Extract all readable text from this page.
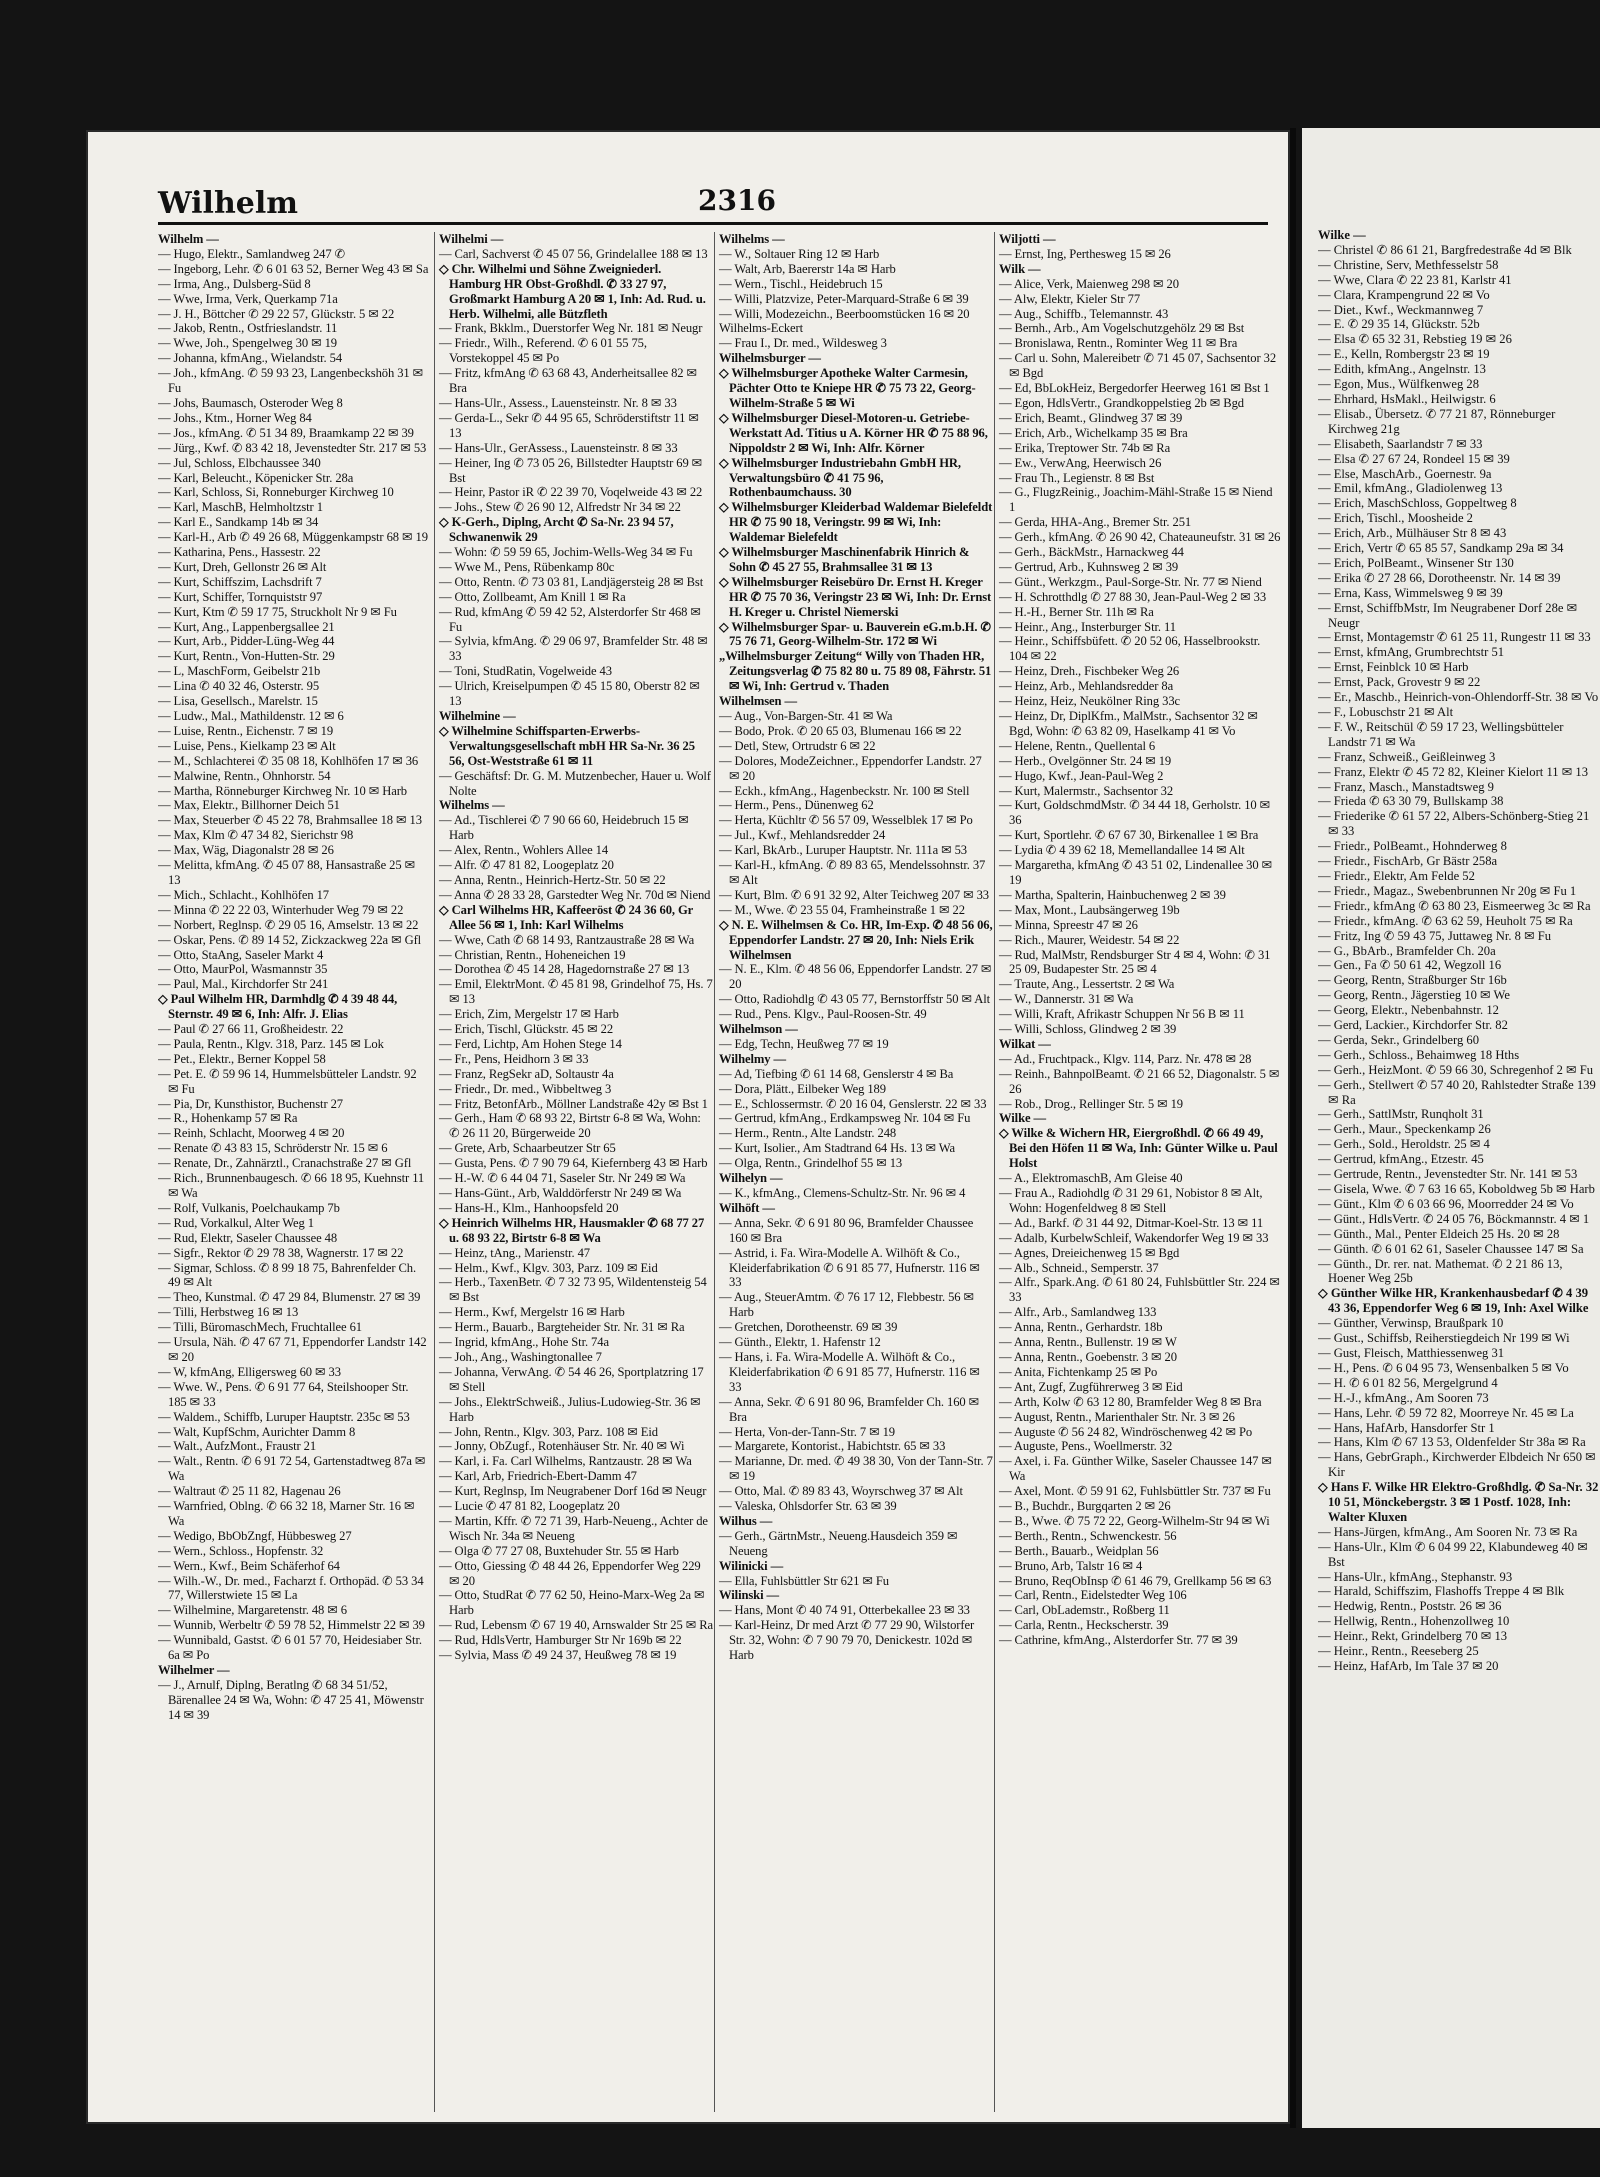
Wilhelm	2316
Wilhelm —
— Hugo, Elektr., Samlandweg 247 ✆
— Ingeborg, Lehr. ✆ 6 01 63 52, Berner Weg 43 ✉ Sa
— Irma, Ang., Dulsberg-Süd 8
— Wwe, Irma, Verk, Querkamp 71a
— J. H., Böttcher ✆ 29 22 57, Glückstr. 5 ✉ 22
— Jakob, Rentn., Ostfrieslandstr. 11
— Wwe, Joh., Spengelweg 30 ✉ 19
— Johanna, kfmAng., Wielandstr. 54
— Joh., kfmAng. ✆ 59 93 23, Langenbeckshöh 31 ✉ Fu
— Johs, Baumasch, Osteroder Weg 8
— Johs., Ktm., Horner Weg 84
— Jos., kfmAng. ✆ 51 34 89, Braamkamp 22 ✉ 39
— Jürg., Kwf. ✆ 83 42 18, Jevenstedter Str. 217 ✉ 53
— Jul, Schloss, Elbchaussee 340
— Karl, Beleucht., Köpenicker Str. 28a
— Karl, Schloss, Si, Ronneburger Kirchweg 10
— Karl, MaschB, Helmholtzstr 1
— Karl E., Sandkamp 14b ✉ 34
— Karl-H., Arb ✆ 49 26 68, Müggenkampstr 68 ✉ 19
— Katharina, Pens., Hassestr. 22
— Kurt, Dreh, Gellonstr 26 ✉ Alt
— Kurt, Schiffszim, Lachsdrift 7
— Kurt, Schiffer, Tornquiststr 97
— Kurt, Ktm ✆ 59 17 75, Struckholt Nr 9 ✉ Fu
— Kurt, Ang., Lappenbergsallee 21
— Kurt, Arb., Pidder-Lüng-Weg 44
— Kurt, Rentn., Von-Hutten-Str. 29
— L, MaschForm, Geibelstr 21b
— Lina ✆ 40 32 46, Osterstr. 95
— Lisa, Gesellsch., Marelstr. 15
— Ludw., Mal., Mathildenstr. 12 ✉ 6
— Luise, Rentn., Eichenstr. 7 ✉ 19
— Luise, Pens., Kielkamp 23 ✉ Alt
— M., Schlachterei ✆ 35 08 18, Kohlhöfen 17 ✉ 36
— Malwine, Rentn., Ohnhorstr. 54
— Martha, Rönneburger Kirchweg Nr. 10 ✉ Harb
— Max, Elektr., Billhorner Deich 51
— Max, Steuerber ✆ 45 22 78, Brahmsallee 18 ✉ 13
— Max, Klm ✆ 47 34 82, Sierichstr 98
— Max, Wäg, Diagonalstr 28 ✉ 26
— Melitta, kfmAng. ✆ 45 07 88, Hansastraße 25 ✉ 13
— Mich., Schlacht., Kohlhöfen 17
— Minna ✆ 22 22 03, Winterhuder Weg 79 ✉ 22
— Norbert, Reglnsp. ✆ 29 05 16, Amselstr. 13 ✉ 22
— Oskar, Pens. ✆ 89 14 52, Zickzackweg 22a ✉ Gfl
— Otto, StaAng, Saseler Markt 4
— Otto, MaurPol, Wasmannstr 35
— Paul, Mal., Kirchdorfer Str 241
◇ Paul Wilhelm HR, Darmhdlg ✆ 4 39 48 44, Sternstr. 49 ✉ 6, Inh: Alfr. J. Elias
— Paul ✆ 27 66 11, Großheidestr. 22
— Paula, Rentn., Klgv. 318, Parz. 145 ✉ Lok
— Pet., Elektr., Berner Koppel 58
— Pet. E. ✆ 59 96 14, Hummelsbütteler Landstr. 92 ✉ Fu
— Pia, Dr, Kunsthistor, Buchenstr 27
— R., Hohenkamp 57 ✉ Ra
— Reinh, Schlacht, Moorweg 4 ✉ 20
— Renate ✆ 43 83 15, Schröderstr Nr. 15 ✉ 6
— Renate, Dr., Zahnärztl., Cranachstraße 27 ✉ Gfl
— Rich., Brunnenbaugesch. ✆ 66 18 95, Kuehnstr 11 ✉ Wa
— Rolf, Vulkanis, Poelchaukamp 7b
— Rud, Vorkalkul, Alter Weg 1
— Rud, Elektr, Saseler Chaussee 48
— Sigfr., Rektor ✆ 29 78 38, Wagnerstr. 17 ✉ 22
— Sigmar, Schloss. ✆ 8 99 18 75, Bahrenfelder Ch. 49 ✉ Alt
— Theo, Kunstmal. ✆ 47 29 84, Blumenstr. 27 ✉ 39
— Tilli, Herbstweg 16 ✉ 13
— Tilli, BüromaschMech, Fruchtallee 61
— Ursula, Näh. ✆ 47 67 71, Eppendorfer Landstr 142 ✉ 20
— W, kfmAng, Elligersweg 60 ✉ 33
— Wwe. W., Pens. ✆ 6 91 77 64, Steilshooper Str. 185 ✉ 33
— Waldem., Schiffb, Luruper Hauptstr. 235c ✉ 53
— Walt, KupfSchm, Aurichter Damm 8
— Walt., AufzMont., Fraustr 21
— Walt., Rentn. ✆ 6 91 72 54, Gartenstadtweg 87a ✉ Wa
— Waltraut ✆ 25 11 82, Hagenau 26
— Warnfried, Oblng. ✆ 66 32 18, Marner Str. 16 ✉ Wa
— Wedigo, BbObZngf, Hübbesweg 27
— Wern., Schloss., Hopfenstr. 32
— Wern., Kwf., Beim Schäferhof 64
— Wilh.-W., Dr. med., Facharzt f. Orthopäd. ✆ 53 34 77, Willerstwiete 15 ✉ La
— Wilhelmine, Margaretenstr. 48 ✉ 6
— Wunnib, Werbeltr ✆ 59 78 52, Himmelstr 22 ✉ 39
— Wunnibald, Gastst. ✆ 6 01 57 70, Heidesiaber Str. 6a ✉ Po
Wilhelmer —
— J., Arnulf, Diplng, Beratlng ✆ 68 34 51/52, Bärenallee 24 ✉ Wa, Wohn: ✆ 47 25 41, Möwenstr 14 ✉ 39
Wilhelmi —
— Carl, Sachverst ✆ 45 07 56, Grindelallee 188 ✉ 13
◇ Chr. Wilhelmi und Söhne Zweigniederl. Hamburg HR Obst-Großhdl. ✆ 33 27 97, Großmarkt Hamburg A 20 ✉ 1, Inh: Ad. Rud. u. Herb. Wilhelmi, alle Bützfleth
— Frank, Bkklm., Duerstorfer Weg Nr. 181 ✉ Neugr
— Friedr., Wilh., Referend. ✆ 6 01 55 75, Vorstekoppel 45 ✉ Po
— Fritz, kfmAng ✆ 63 68 43, Anderheitsallee 82 ✉ Bra
— Hans-Ulr., Assess., Lauensteinstr. Nr. 8 ✉ 33
— Gerda-L., Sekr ✆ 44 95 65, Schröderstiftstr 11 ✉ 13
— Hans-Ulr., GerAssess., Lauensteinstr. 8 ✉ 33
— Heiner, Ing ✆ 73 05 26, Billstedter Hauptstr 69 ✉ Bst
— Heinr, Pastor iR ✆ 22 39 70, Voqelweide 43 ✉ 22
— Johs., Stew ✆ 26 90 12, Alfredstr Nr 34 ✉ 22
◇ K-Gerh., Diplng, Archt ✆ Sa-Nr. 23 94 57, Schwanenwik 29
— Wohn: ✆ 59 59 65, Jochim-Wells-Weg 34 ✉ Fu
— Wwe M., Pens, Rübenkamp 80c
— Otto, Rentn. ✆ 73 03 81, Landjägersteig 28 ✉ Bst
— Otto, Zollbeamt, Am Knill 1 ✉ Ra
— Rud, kfmAng ✆ 59 42 52, Alsterdorfer Str 468 ✉ Fu
— Sylvia, kfmAng. ✆ 29 06 97, Bramfelder Str. 48 ✉ 33
— Toni, StudRatin, Vogelweide 43
— Ulrich, Kreiselpumpen ✆ 45 15 80, Oberstr 82 ✉ 13
Wilhelmine —
◇ Wilhelmine Schiffsparten-Erwerbs-Verwaltungsgesellschaft mbH HR Sa-Nr. 36 25 56, Ost-Weststraße 61 ✉ 11
— Geschäftsf: Dr. G. M. Mutzenbecher, Hauer u. Wolf Nolte
Wilhelms —
— Ad., Tischlerei ✆ 7 90 66 60, Heidebruch 15 ✉ Harb
— Alex, Rentn., Wohlers Allee 14
— Alfr. ✆ 47 81 82, Loogeplatz 20
— Anna, Rentn., Heinrich-Hertz-Str. 50 ✉ 22
— Anna ✆ 28 33 28, Garstedter Weg Nr. 70d ✉ Niend
◇ Carl Wilhelms HR, Kaffeeröst ✆ 24 36 60, Gr Allee 56 ✉ 1, Inh: Karl Wilhelms
— Wwe, Cath ✆ 68 14 93, Rantzaustraße 28 ✉ Wa
— Christian, Rentn., Hoheneichen 19
— Dorothea ✆ 45 14 28, Hagedornstraße 27 ✉ 13
— Emil, ElektrMont. ✆ 45 81 98, Grindelhof 75, Hs. 7 ✉ 13
— Erich, Zim, Mergelstr 17 ✉ Harb
— Erich, Tischl, Glückstr. 45 ✉ 22
— Ferd, Lichtp, Am Hohen Stege 14
— Fr., Pens, Heidhorn 3 ✉ 33
— Franz, RegSekr aD, Soltaustr 4a
— Friedr., Dr. med., Wibbeltweg 3
— Fritz, BetonfArb., Möllner Landstraße 42y ✉ Bst 1
— Gerh., Ham ✆ 68 93 22, Birtstr 6-8 ✉ Wa, Wohn: ✆ 26 11 20, Bürgerweide 20
— Grete, Arb, Schaarbeutzer Str 65
— Gusta, Pens. ✆ 7 90 79 64, Kiefernberg 43 ✉ Harb
— H.-W. ✆ 6 44 04 71, Saseler Str. Nr 249 ✉ Wa
— Hans-Günt., Arb, Walddörferstr Nr 249 ✉ Wa
— Hans-H., Klm., Hanhoopsfeld 20
◇ Heinrich Wilhelms HR, Hausmakler ✆ 68 77 27 u. 68 93 22, Birtstr 6-8 ✉ Wa
— Heinz, tAng., Marienstr. 47
— Helm., Kwf., Klgv. 303, Parz. 109 ✉ Eid
— Herb., TaxenBetr. ✆ 7 32 73 95, Wildentensteig 54 ✉ Bst
— Herm., Kwf, Mergelstr 16 ✉ Harb
— Herm., Bauarb., Bargteheider Str. Nr. 31 ✉ Ra
— Ingrid, kfmAng., Hohe Str. 74a
— Joh., Ang., Washingtonallee 7
— Johanna, VerwAng. ✆ 54 46 26, Sportplatzring 17 ✉ Stell
— Johs., ElektrSchweiß., Julius-Ludowieg-Str. 36 ✉ Harb
— John, Rentn., Klgv. 303, Parz. 108 ✉ Eid
— Jonny, ObZugf., Rotenhäuser Str. Nr. 40 ✉ Wi
— Karl, i. Fa. Carl Wilhelms, Rantzaustr. 28 ✉ Wa
— Karl, Arb, Friedrich-Ebert-Damm 47
— Kurt, Reglnsp, Im Neugrabener Dorf 16d ✉ Neugr
— Lucie ✆ 47 81 82, Loogeplatz 20
— Martin, Kffr. ✆ 72 71 39, Harb-Neueng., Achter de Wisch Nr. 34a ✉ Neueng
— Olga ✆ 77 27 08, Buxtehuder Str. 55 ✉ Harb
— Otto, Giessing ✆ 48 44 26, Eppendorfer Weg 229 ✉ 20
— Otto, StudRat ✆ 77 62 50, Heino-Marx-Weg 2a ✉ Harb
— Rud, Lebensm ✆ 67 19 40, Arnswalder Str 25 ✉ Ra
— Rud, HdlsVertr, Hamburger Str Nr 169b ✉ 22
— Sylvia, Mass ✆ 49 24 37, Heußweg 78 ✉ 19
Wilhelms —
— W., Soltauer Ring 12 ✉ Harb
— Walt, Arb, Baererstr 14a ✉ Harb
— Wern., Tischl., Heidebruch 15
— Willi, Platzvize, Peter-Marquard-Straße 6 ✉ 39
— Willi, Modezeichn., Beerboomstücken 16 ✉ 20
Wilhelms-Eckert
— Frau I., Dr. med., Wildesweg 3
Wilhelmsburger —
◇ Wilhelmsburger Apotheke Walter Carmesin, Pächter Otto te Kniepe HR ✆ 75 73 22, Georg-Wilhelm-Straße 5 ✉ Wi
◇ Wilhelmsburger Diesel-Motoren-u. Getriebe-Werkstatt Ad. Titius u A. Körner HR ✆ 75 88 96, Nippoldstr 2 ✉ Wi, Inh: Alfr. Körner
◇ Wilhelmsburger Industriebahn GmbH HR, Verwaltungsbüro ✆ 41 75 96, Rothenbaumchauss. 30
◇ Wilhelmsburger Kleiderbad Waldemar Bielefeldt HR ✆ 75 90 18, Veringstr. 99 ✉ Wi, Inh: Waldemar Bielefeldt
◇ Wilhelmsburger Maschinenfabrik Hinrich & Sohn ✆ 45 27 55, Brahmsallee 31 ✉ 13
◇ Wilhelmsburger Reisebüro Dr. Ernst H. Kreger HR ✆ 75 70 36, Veringstr 23 ✉ Wi, Inh: Dr. Ernst H. Kreger u. Christel Niemerski
◇ Wilhelmsburger Spar- u. Bauverein eG.m.b.H. ✆ 75 76 71, Georg-Wilhelm-Str. 172 ✉ Wi
„Wilhelmsburger Zeitung“ Willy von Thaden HR, Zeitungsverlag ✆ 75 82 80 u. 75 89 08, Fährstr. 51 ✉ Wi, Inh: Gertrud v. Thaden
Wilhelmsen —
— Aug., Von-Bargen-Str. 41 ✉ Wa
— Bodo, Prok. ✆ 20 65 03, Blumenau 166 ✉ 22
— Detl, Stew, Ortrudstr 6 ✉ 22
— Dolores, ModeZeichner., Eppendorfer Landstr. 27 ✉ 20
— Eckh., kfmAng., Hagenbeckstr. Nr. 100 ✉ Stell
— Herm., Pens., Dünenweg 62
— Herta, Küchltr ✆ 56 57 09, Wesselblek 17 ✉ Po
— Jul., Kwf., Mehlandsredder 24
— Karl, BkArb., Luruper Hauptstr. Nr. 111a ✉ 53
— Karl-H., kfmAng. ✆ 89 83 65, Mendelssohnstr. 37 ✉ Alt
— Kurt, Blm. ✆ 6 91 32 92, Alter Teichweg 207 ✉ 33
— M., Wwe. ✆ 23 55 04, Framheinstraße 1 ✉ 22
◇ N. E. Wilhelmsen & Co. HR, Im-Exp. ✆ 48 56 06, Eppendorfer Landstr. 27 ✉ 20, Inh: Niels Erik Wilhelmsen
— N. E., Klm. ✆ 48 56 06, Eppendorfer Landstr. 27 ✉ 20
— Otto, Radiohdlg ✆ 43 05 77, Bernstorffstr 50 ✉ Alt
— Rud., Pens. Klgv., Paul-Roosen-Str. 49
Wilhelmson —
— Edg, Techn, Heußweg 77 ✉ 19
Wilhelmy —
— Ad, Tiefbing ✆ 61 14 68, Genslerstr 4 ✉ Ba
— Dora, Plätt., Eilbeker Weg 189
— E., Schlossermstr. ✆ 20 16 04, Genslerstr. 22 ✉ 33
— Gertrud, kfmAng., Erdkampsweg Nr. 104 ✉ Fu
— Herm., Rentn., Alte Landstr. 248
— Kurt, Isolier., Am Stadtrand 64 Hs. 13 ✉ Wa
— Olga, Rentn., Grindelhof 55 ✉ 13
Wilhelyn —
— K., kfmAng., Clemens-Schultz-Str. Nr. 96 ✉ 4
Wilhöft —
— Anna, Sekr. ✆ 6 91 80 96, Bramfelder Chaussee 160 ✉ Bra
— Astrid, i. Fa. Wira-Modelle A. Wilhöft & Co., Kleiderfabrikation ✆ 6 91 85 77, Hufnerstr. 116 ✉ 33
— Aug., SteuerAmtm. ✆ 76 17 12, Flebbestr. 56 ✉ Harb
— Gretchen, Dorotheenstr. 69 ✉ 39
— Günth., Elektr, 1. Hafenstr 12
— Hans, i. Fa. Wira-Modelle A. Wilhöft & Co., Kleiderfabrikation ✆ 6 91 85 77, Hufnerstr. 116 ✉ 33
— Anna, Sekr. ✆ 6 91 80 96, Bramfelder Ch. 160 ✉ Bra
— Herta, Von-der-Tann-Str. 7 ✉ 19
— Margarete, Kontorist., Habichtstr. 65 ✉ 33
— Marianne, Dr. med. ✆ 49 38 30, Von der Tann-Str. 7 ✉ 19
— Otto, Mal. ✆ 89 83 43, Woyrschweg 37 ✉ Alt
— Valeska, Ohlsdorfer Str. 63 ✉ 39
Wilhus —
— Gerh., GärtnMstr., Neueng.Hausdeich 359 ✉ Neueng
Wilinicki —
— Ella, Fuhlsbüttler Str 621 ✉ Fu
Wilinski —
— Hans, Mont ✆ 40 74 91, Otterbekallee 23 ✉ 33
— Karl-Heinz, Dr med Arzt ✆ 77 29 90, Wilstorfer Str. 32, Wohn: ✆ 7 90 79 70, Denickestr. 102d ✉ Harb
Wiljotti —
— Ernst, Ing, Perthesweg 15 ✉ 26
Wilk —
— Alice, Verk, Maienweg 298 ✉ 20
— Alw, Elektr, Kieler Str 77
— Aug., Schiffb., Telemannstr. 43
— Bernh., Arb., Am Vogelschutzgehölz 29 ✉ Bst
— Bronislawa, Rentn., Rominter Weg 11 ✉ Bra
— Carl u. Sohn, Malereibetr ✆ 71 45 07, Sachsentor 32 ✉ Bgd
— Ed, BbLokHeiz, Bergedorfer Heerweg 161 ✉ Bst 1
— Egon, HdlsVertr., Grandkoppelstieg 2b ✉ Bgd
— Erich, Beamt., Glindweg 37 ✉ 39
— Erich, Arb., Wichelkamp 35 ✉ Bra
— Erika, Treptower Str. 74b ✉ Ra
— Ew., VerwAng, Heerwisch 26
— Frau Th., Legienstr. 8 ✉ Bst
— G., FlugzReinig., Joachim-Mähl-Straße 15 ✉ Niend 1
— Gerda, HHA-Ang., Bremer Str. 251
— Gerh., kfmAng. ✆ 26 90 42, Chateauneufstr. 31 ✉ 26
— Gerh., BäckMstr., Harnackweg 44
— Gertrud, Arb., Kuhnsweg 2 ✉ 39
— Günt., Werkzgm., Paul-Sorge-Str. Nr. 77 ✉ Niend
— H. Schrotthdlg ✆ 27 88 30, Jean-Paul-Weg 2 ✉ 33
— H.-H., Berner Str. 11h ✉ Ra
— Heinr., Ang., Insterburger Str. 11
— Heinr., Schiffsbüfett. ✆ 20 52 06, Hasselbrookstr. 104 ✉ 22
— Heinz, Dreh., Fischbeker Weg 26
— Heinz, Arb., Mehlandsredder 8a
— Heinz, Heiz, Neukölner Ring 33c
— Heinz, Dr, DiplKfm., MalMstr., Sachsentor 32 ✉ Bgd, Wohn: ✆ 63 82 09, Haselkamp 41 ✉ Vo
— Helene, Rentn., Quellental 6
— Herb., Ovelgönner Str. 24 ✉ 19
— Hugo, Kwf., Jean-Paul-Weg 2
— Kurt, Malermstr., Sachsentor 32
— Kurt, GoldschmdMstr. ✆ 34 44 18, Gerholstr. 10 ✉ 36
— Kurt, Sportlehr. ✆ 67 67 30, Birkenallee 1 ✉ Bra
— Lydia ✆ 4 39 62 18, Memellandallee 14 ✉ Alt
— Margaretha, kfmAng ✆ 43 51 02, Lindenallee 30 ✉ 19
— Martha, Spalterin, Hainbuchenweg 2 ✉ 39
— Max, Mont., Laubsängerweg 19b
— Minna, Spreestr 47 ✉ 26
— Rich., Maurer, Weidestr. 54 ✉ 22
— Rud, MalMstr, Rendsburger Str 4 ✉ 4, Wohn: ✆ 31 25 09, Budapester Str. 25 ✉ 4
— Traute, Ang., Lessertstr. 2 ✉ Wa
— W., Dannerstr. 31 ✉ Wa
— Willi, Kraft, Afrikastr Schuppen Nr 56 B ✉ 11
— Willi, Schloss, Glindweg 2 ✉ 39
Wilkat —
— Ad., Fruchtpack., Klgv. 114, Parz. Nr. 478 ✉ 28
— Reinh., BahnpolBeamt. ✆ 21 66 52, Diagonalstr. 5 ✉ 26
— Rob., Drog., Rellinger Str. 5 ✉ 19
Wilke —
◇ Wilke & Wichern HR, Eiergroßhdl. ✆ 66 49 49, Bei den Höfen 11 ✉ Wa, Inh: Günter Wilke u. Paul Holst
— A., ElektromaschB, Am Gleise 40
— Frau A., Radiohdlg ✆ 31 29 61, Nobistor 8 ✉ Alt, Wohn: Hogenfeldweg 8 ✉ Stell
— Ad., Barkf. ✆ 31 44 92, Ditmar-Koel-Str. 13 ✉ 11
— Adalb, KurbelwSchleif, Wakendorfer Weg 19 ✉ 33
— Agnes, Dreieichenweg 15 ✉ Bgd
— Alb., Schneid., Semperstr. 37
— Alfr., Spark.Ang. ✆ 61 80 24, Fuhlsbüttler Str. 224 ✉ 33
— Alfr., Arb., Samlandweg 133
— Anna, Rentn., Gerhardstr. 18b
— Anna, Rentn., Bullenstr. 19 ✉ W
— Anna, Rentn., Goebenstr. 3 ✉ 20
— Anita, Fichtenkamp 25 ✉ Po
— Ant, Zugf, Zugführerweg 3 ✉ Eid
— Arth, Kolw ✆ 63 12 80, Bramfelder Weg 8 ✉ Bra
— August, Rentn., Marienthaler Str. Nr. 3 ✉ 26
— Auguste ✆ 56 24 82, Windröschenweg 42 ✉ Po
— Auguste, Pens., Woellmerstr. 32
— Axel, i. Fa. Günther Wilke, Saseler Chaussee 147 ✉ Wa
— Axel, Mont. ✆ 59 91 62, Fuhlsbüttler Str. 737 ✉ Fu
— B., Buchdr., Burgqarten 2 ✉ 26
— B., Wwe. ✆ 75 72 22, Georg-Wilhelm-Str 94 ✉ Wi
— Berth., Rentn., Schwenckestr. 56
— Berth., Bauarb., Weidplan 56
— Bruno, Arb, Talstr 16 ✉ 4
— Bruno, ReqObInsp ✆ 61 46 79, Grellkamp 56 ✉ 63
— Carl, Rentn., Eidelstedter Weg 106
— Carl, ObLademstr., Roßberg 11
— Carla, Rentn., Heckscherstr. 39
— Cathrine, kfmAng., Alsterdorfer Str. 77 ✉ 39
Wilke —
— Christel ✆ 86 61 21, Bargfredestraße 4d ✉ Blk
— Christine, Serv, Methfesselstr 58
— Wwe, Clara ✆ 22 23 81, Karlstr 41
— Clara, Krampengrund 22 ✉ Vo
— Diet., Kwf., Weckmannweg 7
— E. ✆ 29 35 14, Glückstr. 52b
— Elsa ✆ 65 32 31, Rebstieg 19 ✉ 26
— E., Kelln, Rombergstr 23 ✉ 19
— Edith, kfmAng., Angelnstr. 13
— Egon, Mus., Wülfkenweg 28
— Ehrhard, HsMakl., Heilwigstr. 6
— Elisab., Übersetz. ✆ 77 21 87, Rönneburger Kirchweg 21g
— Elisabeth, Saarlandstr 7 ✉ 33
— Elsa ✆ 27 67 24, Rondeel 15 ✉ 39
— Else, MaschArb., Goernestr. 9a
— Emil, kfmAng., Gladiolenweg 13
— Erich, MaschSchloss, Goppeltweg 8
— Erich, Tischl., Moosheide 2
— Erich, Arb., Mülhäuser Str 8 ✉ 43
— Erich, Vertr ✆ 65 85 57, Sandkamp 29a ✉ 34
— Erich, PolBeamt., Winsener Str 130
— Erika ✆ 27 28 66, Dorotheenstr. Nr. 14 ✉ 39
— Erna, Kass, Wimmelsweg 9 ✉ 39
— Ernst, SchiffbMstr, Im Neugrabener Dorf 28e ✉ Neugr
— Ernst, Montagemstr ✆ 61 25 11, Rungestr 11 ✉ 33
— Ernst, kfmAng, Grumbrechtstr 51
— Ernst, Feinblck 10 ✉ Harb
— Ernst, Pack, Grovestr 9 ✉ 22
— Er., Maschb., Heinrich-von-Ohlendorff-Str. 38 ✉ Vo
— F., Lobuschstr 21 ✉ Alt
— F. W., Reitschül ✆ 59 17 23, Wellingsbütteler Landstr 71 ✉ Wa
— Franz, Schweiß., Geißleinweg 3
— Franz, Elektr ✆ 45 72 82, Kleiner Kielort 11 ✉ 13
— Franz, Masch., Manstadtsweg 9
— Frieda ✆ 63 30 79, Bullskamp 38
— Friederike ✆ 61 57 22, Albers-Schönberg-Stieg 21 ✉ 33
— Friedr., PolBeamt., Hohnderweg 8
— Friedr., FischArb, Gr Bästr 258a
— Friedr., Elektr, Am Felde 52
— Friedr., Magaz., Swebenbrunnen Nr 20g ✉ Fu 1
— Friedr., kfmAng ✆ 63 80 23, Eismeerweg 3c ✉ Ra
— Friedr., kfmAng. ✆ 63 62 59, Heuholt 75 ✉ Ra
— Fritz, Ing ✆ 59 43 75, Juttaweg Nr. 8 ✉ Fu
— G., BbArb., Bramfelder Ch. 20a
— Gen., Fa ✆ 50 61 42, Wegzoll 16
— Georg, Rentn, Straßburger Str 16b
— Georg, Rentn., Jägerstieg 10 ✉ We
— Georg, Elektr., Nebenbahnstr. 12
— Gerd, Lackier., Kirchdorfer Str. 82
— Gerda, Sekr., Grindelberg 60
— Gerh., Schloss., Behaimweg 18 Hths
— Gerh., HeizMont. ✆ 59 66 30, Schregenhof 2 ✉ Fu
— Gerh., Stellwert ✆ 57 40 20, Rahlstedter Straße 139 ✉ Ra
— Gerh., SattlMstr, Runqholt 31
— Gerh., Maur., Speckenkamp 26
— Gerh., Sold., Heroldstr. 25 ✉ 4
— Gertrud, kfmAng., Etzestr. 45
— Gertrude, Rentn., Jevenstedter Str. Nr. 141 ✉ 53
— Gisela, Wwe. ✆ 7 63 16 65, Koboldweg 5b ✉ Harb
— Günt., Klm ✆ 6 03 66 96, Moorredder 24 ✉ Vo
— Günt., HdlsVertr. ✆ 24 05 76, Böckmannstr. 4 ✉ 1
— Günth., Mal., Penter Eldeich 25 Hs. 20 ✉ 28
— Günth. ✆ 6 01 62 61, Saseler Chaussee 147 ✉ Sa
— Günth., Dr. rer. nat. Mathemat. ✆ 2 21 86 13, Hoener Weg 25b
◇ Günther Wilke HR, Krankenhausbedarf ✆ 4 39 43 36, Eppendorfer Weg 6 ✉ 19, Inh: Axel Wilke
— Günther, Verwinsp, Braußpark 10
— Gust., Schiffsb, Reiherstiegdeich Nr 199 ✉ Wi
— Gust, Fleisch, Matthiessenweg 31
— H., Pens. ✆ 6 04 95 73, Wensenbalken 5 ✉ Vo
— H. ✆ 6 01 82 56, Mergelgrund 4
— H.-J., kfmAng., Am Sooren 73
— Hans, Lehr. ✆ 59 72 82, Moorreye Nr. 45 ✉ La
— Hans, HafArb, Hansdorfer Str 1
— Hans, Klm ✆ 67 13 53, Oldenfelder Str 38a ✉ Ra
— Hans, GebrGraph., Kirchwerder Elbdeich Nr 650 ✉ Kir
◇ Hans F. Wilke HR Elektro-Großhdlg. ✆ Sa-Nr. 32 10 51, Mönckebergstr. 3 ✉ 1 Postf. 1028, Inh: Walter Kluxen
— Hans-Jürgen, kfmAng., Am Sooren Nr. 73 ✉ Ra
— Hans-Ulr., Klm ✆ 6 04 99 22, Klabundeweg 40 ✉ Bst
— Hans-Ulr., kfmAng., Stephanstr. 93
— Harald, Schiffszim, Flashoffs Treppe 4 ✉ Blk
— Hedwig, Rentn., Poststr. 26 ✉ 36
— Hellwig, Rentn., Hohenzollweg 10
— Heinr., Rekt, Grindelberg 70 ✉ 13
— Heinr., Rentn., Reeseberg 25
— Heinz, HafArb, Im Tale 37 ✉ 20
